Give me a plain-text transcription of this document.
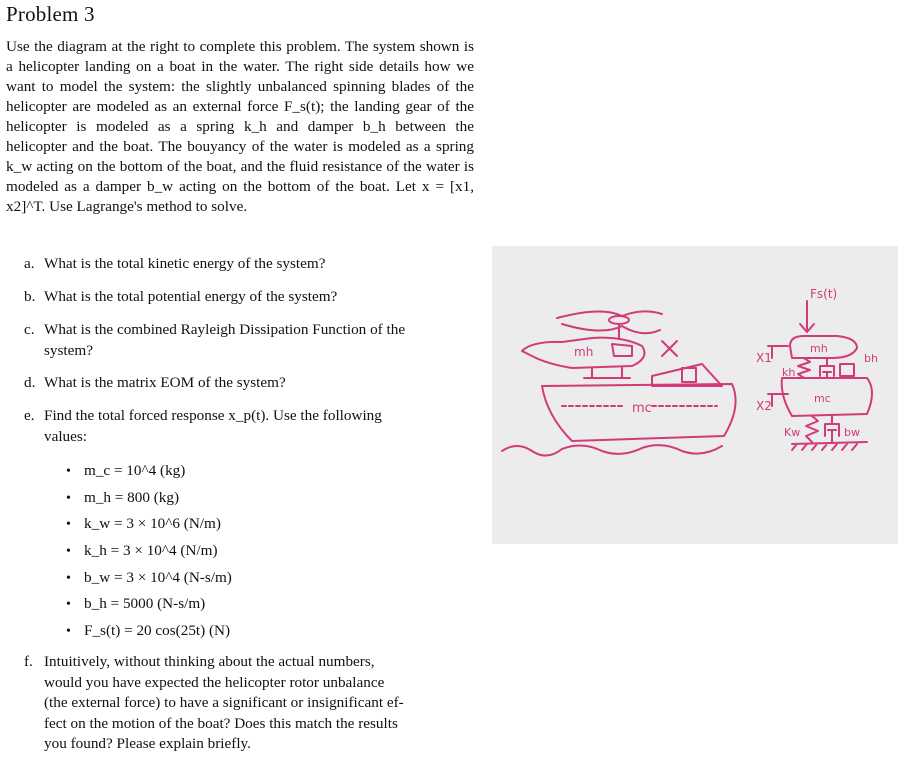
Problem 3
Use the diagram at the right to complete this problem. The system shown is a helicopter landing on a boat in the water. The right side details how we want to model the system: the slightly unbalanced spinning blades of the helicopter are modeled as an external force F_s(t); the landing gear of the helicopter is modeled as a spring k_h and damper b_h between the helicopter and the boat. The bouyancy of the water is modeled as a spring k_w acting on the bottom of the boat, and the fluid resistance of the water is modeled as a damper b_w acting on the bottom of the boat. Let x = [x1, x2]^T. Use Lagrange's method to solve.
a. What is the total kinetic energy of the system?
b. What is the total potential energy of the system?
c. What is the combined Rayleigh Dissipation Function of the
system?
d. What is the matrix EOM of the system?
e. Find the total forced response x_p(t). Use the following
values:
• m_c = 10^4 (kg)
• m_h = 800 (kg)
• k_w = 3 × 10^6 (N/m)
• k_h = 3 × 10^4 (N/m)
• b_w = 3 × 10^4 (N-s/m)
• b_h = 5000 (N-s/m)
• F_s(t) = 20 cos(25t) (N)
f. Intuitively, without thinking about the actual numbers,
would you have expected the helicopter rotor unbalance
(the external force) to have a significant or insignificant ef-
fect on the motion of the boat? Does this match the results
you found? Please explain briefly.
Fs(t)
mh
mc
X1
X2
mh
bh
kh
mc
Kw	bw
